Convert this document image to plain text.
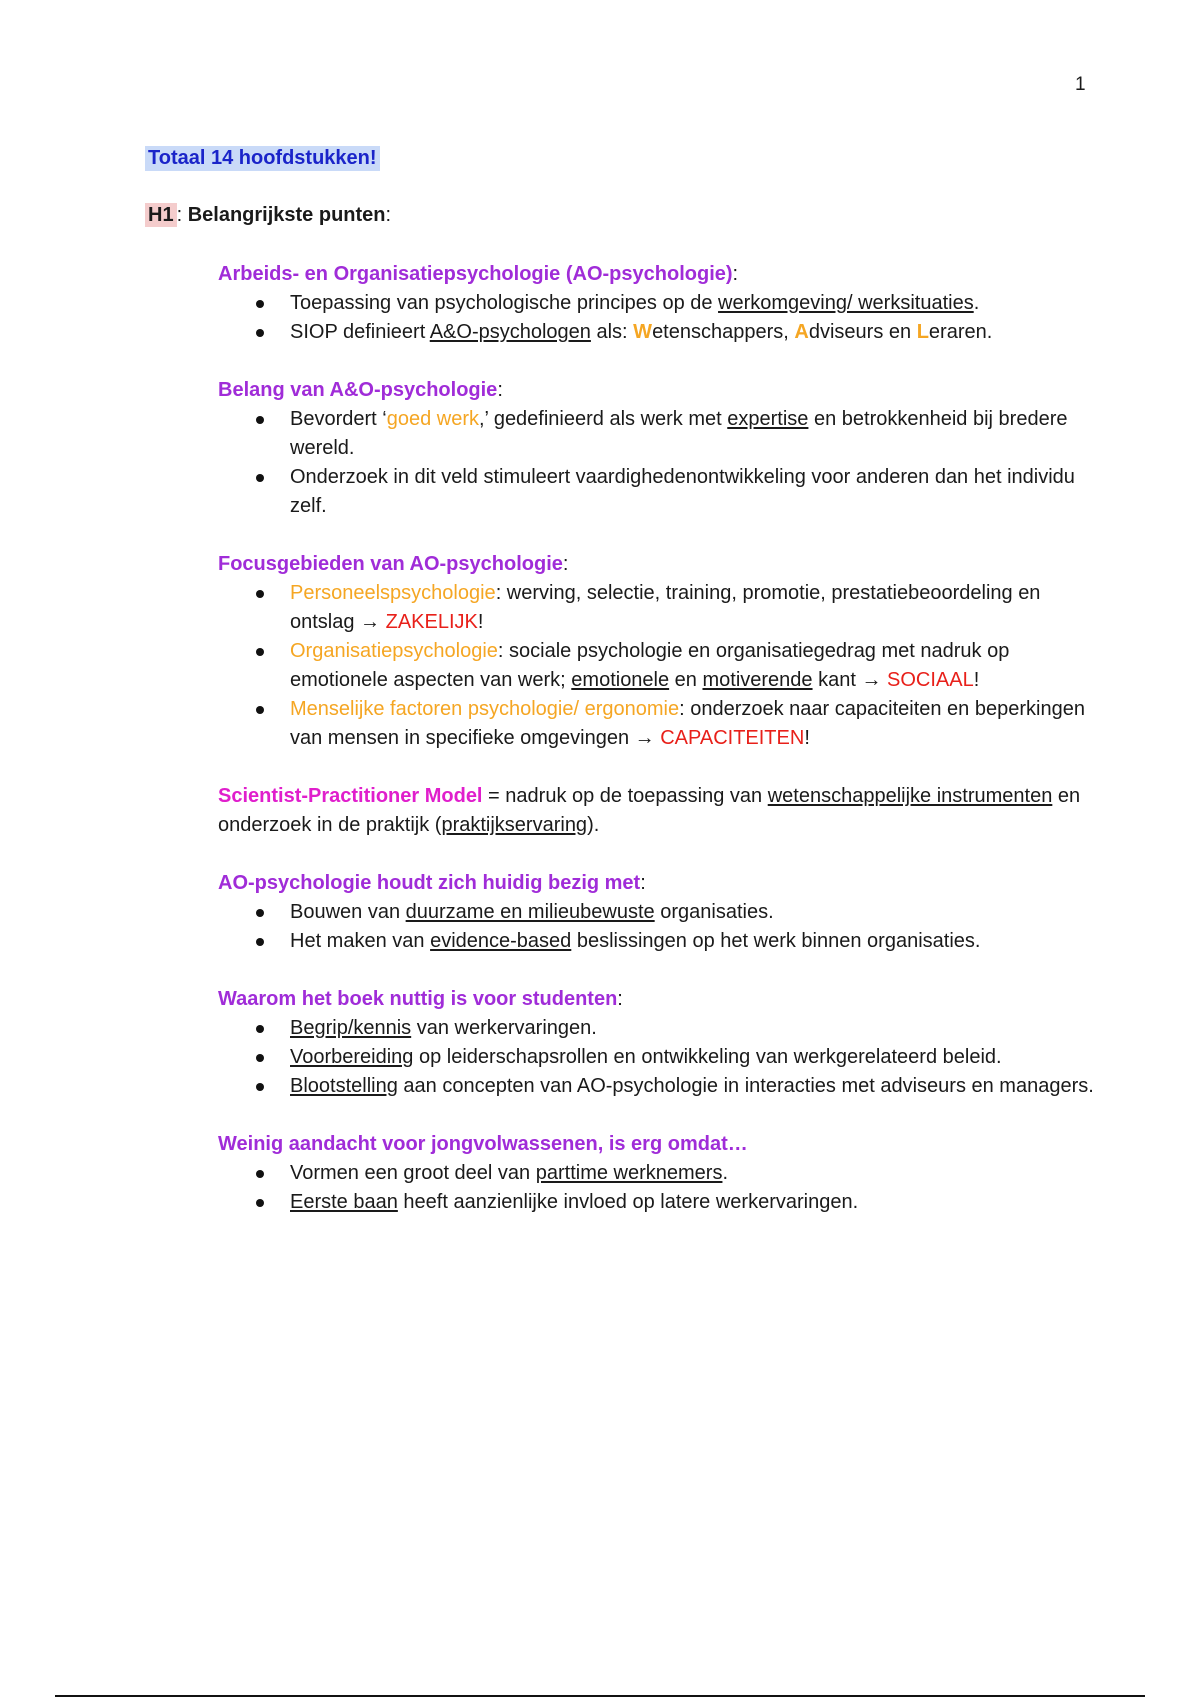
1
Totaal 14 hoofdstukken!
H1 : Belangrijkste punten:
Arbeids- en Organisatiepsychologie (AO-psychologie):
Toepassing van psychologische principes op de werkomgeving/ werksituaties.
SIOP definieert A&O-psychologen als: Wetenschappers, Adviseurs en Leraren.
Belang van A&O-psychologie:
Bevordert ‘goed werk,’ gedefinieerd als werk met expertise en betrokkenheid bij bredere wereld.
Onderzoek in dit veld stimuleert vaardighedenontwikkeling voor anderen dan het individu zelf.
Focusgebieden van AO-psychologie:
Personeelspsychologie: werving, selectie, training, promotie, prestatiebeoordeling en ontslag → ZAKELIJK!
Organisatiepsychologie: sociale psychologie en organisatiegedrag met nadruk op emotionele aspecten van werk; emotionele en motiverende kant → SOCIAAL!
Menselijke factoren psychologie/ ergonomie: onderzoek naar capaciteiten en beperkingen van mensen in specifieke omgevingen → CAPACITEITEN!
Scientist-Practitioner Model = nadruk op de toepassing van wetenschappelijke instrumenten en onderzoek in de praktijk (praktijkservaring).
AO-psychologie houdt zich huidig bezig met:
Bouwen van duurzame en milieubewuste organisaties.
Het maken van evidence-based beslissingen op het werk binnen organisaties.
Waarom het boek nuttig is voor studenten:
Begrip/kennis van werkervaringen.
Voorbereiding op leiderschapsrollen en ontwikkeling van werkgerelateerd beleid.
Blootstelling aan concepten van AO-psychologie in interacties met adviseurs en managers.
Weinig aandacht voor jongvolwassenen, is erg omdat…
Vormen een groot deel van parttime werknemers.
Eerste baan heeft aanzienlijke invloed op latere werkervaringen.
